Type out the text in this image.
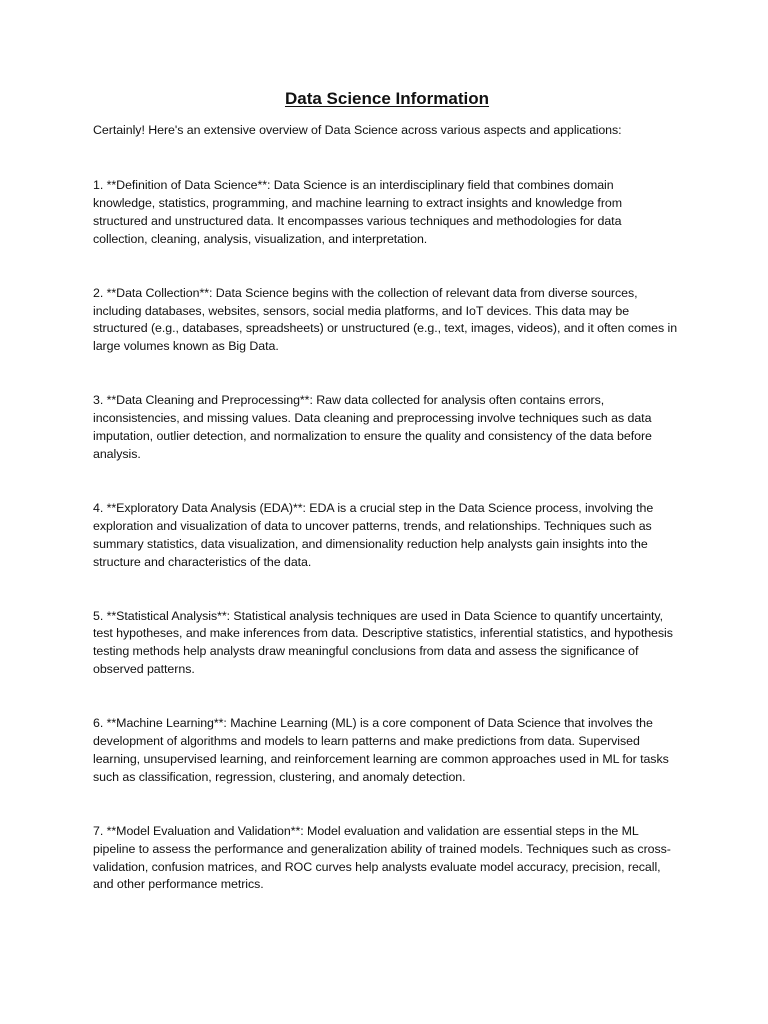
Data Science Information

Certainly! Here's an extensive overview of Data Science across various aspects and applications:

1. **Definition of Data Science**: Data Science is an interdisciplinary field that combines domain knowledge, statistics, programming, and machine learning to extract insights and knowledge from structured and unstructured data. It encompasses various techniques and methodologies for data collection, cleaning, analysis, visualization, and interpretation.

2. **Data Collection**: Data Science begins with the collection of relevant data from diverse sources, including databases, websites, sensors, social media platforms, and IoT devices. This data may be structured (e.g., databases, spreadsheets) or unstructured (e.g., text, images, videos), and it often comes in large volumes known as Big Data.

3. **Data Cleaning and Preprocessing**: Raw data collected for analysis often contains errors, inconsistencies, and missing values. Data cleaning and preprocessing involve techniques such as data imputation, outlier detection, and normalization to ensure the quality and consistency of the data before analysis.

4. **Exploratory Data Analysis (EDA)**: EDA is a crucial step in the Data Science process, involving the exploration and visualization of data to uncover patterns, trends, and relationships. Techniques such as summary statistics, data visualization, and dimensionality reduction help analysts gain insights into the structure and characteristics of the data.

5. **Statistical Analysis**: Statistical analysis techniques are used in Data Science to quantify uncertainty, test hypotheses, and make inferences from data. Descriptive statistics, inferential statistics, and hypothesis testing methods help analysts draw meaningful conclusions from data and assess the significance of observed patterns.

6. **Machine Learning**: Machine Learning (ML) is a core component of Data Science that involves the development of algorithms and models to learn patterns and make predictions from data. Supervised learning, unsupervised learning, and reinforcement learning are common approaches used in ML for tasks such as classification, regression, clustering, and anomaly detection.

7. **Model Evaluation and Validation**: Model evaluation and validation are essential steps in the ML pipeline to assess the performance and generalization ability of trained models. Techniques such as cross-validation, confusion matrices, and ROC curves help analysts evaluate model accuracy, precision, recall, and other performance metrics.
